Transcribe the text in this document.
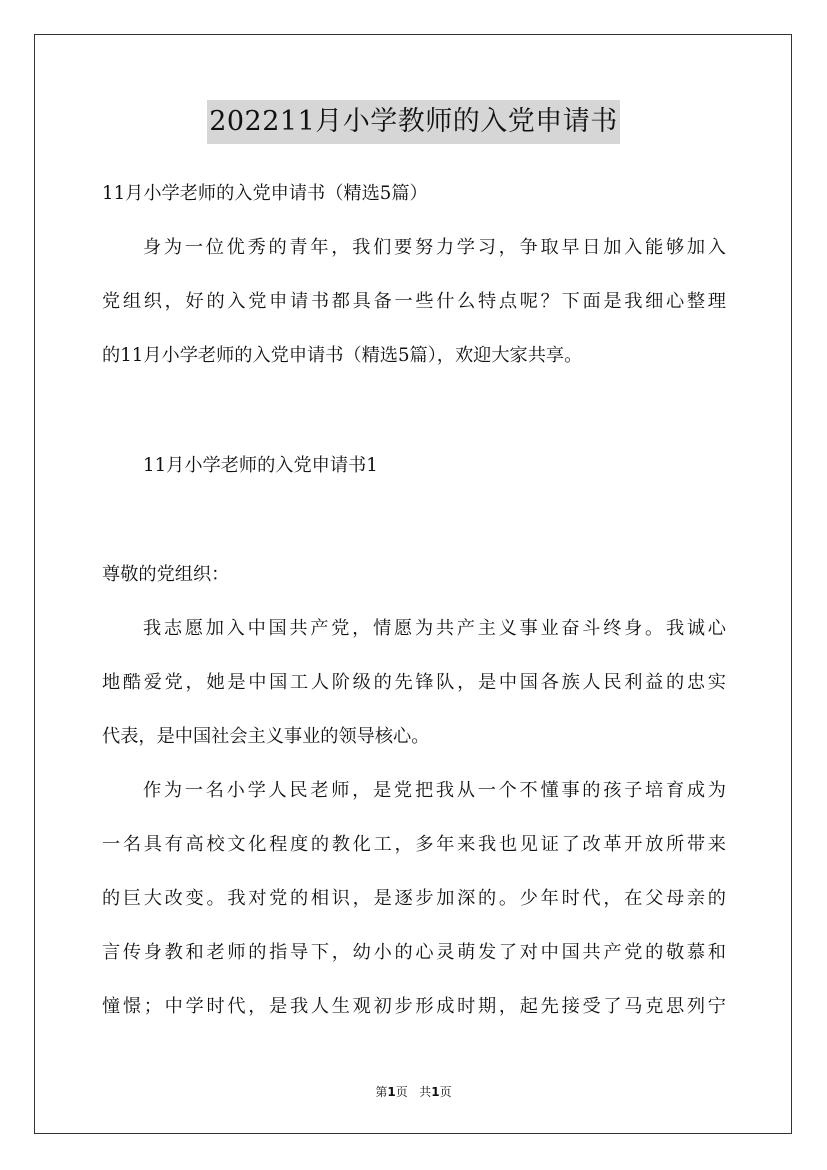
202211月小学教师的入党申请书
11月小学老师的入党申请书（精选5篇）
身为一位优秀的青年，我们要努力学习，争取早日加入能够加入
党组织，好的入党申请书都具备一些什么特点呢？下面是我细心整理
的11月小学老师的入党申请书（精选5篇），欢迎大家共享。
11月小学老师的入党申请书1
尊敬的党组织：
我志愿加入中国共产党，情愿为共产主义事业奋斗终身。我诚心
地酷爱党，她是中国工人阶级的先锋队，是中国各族人民利益的忠实
代表，是中国社会主义事业的领导核心。
作为一名小学人民老师，是党把我从一个不懂事的孩子培育成为
一名具有高校文化程度的教化工，多年来我也见证了改革开放所带来
的巨大改变。我对党的相识，是逐步加深的。少年时代，在父母亲的
言传身教和老师的指导下，幼小的心灵萌发了对中国共产党的敬慕和
憧憬；中学时代，是我人生观初步形成时期，起先接受了马克思列宁
第1页 共1页
